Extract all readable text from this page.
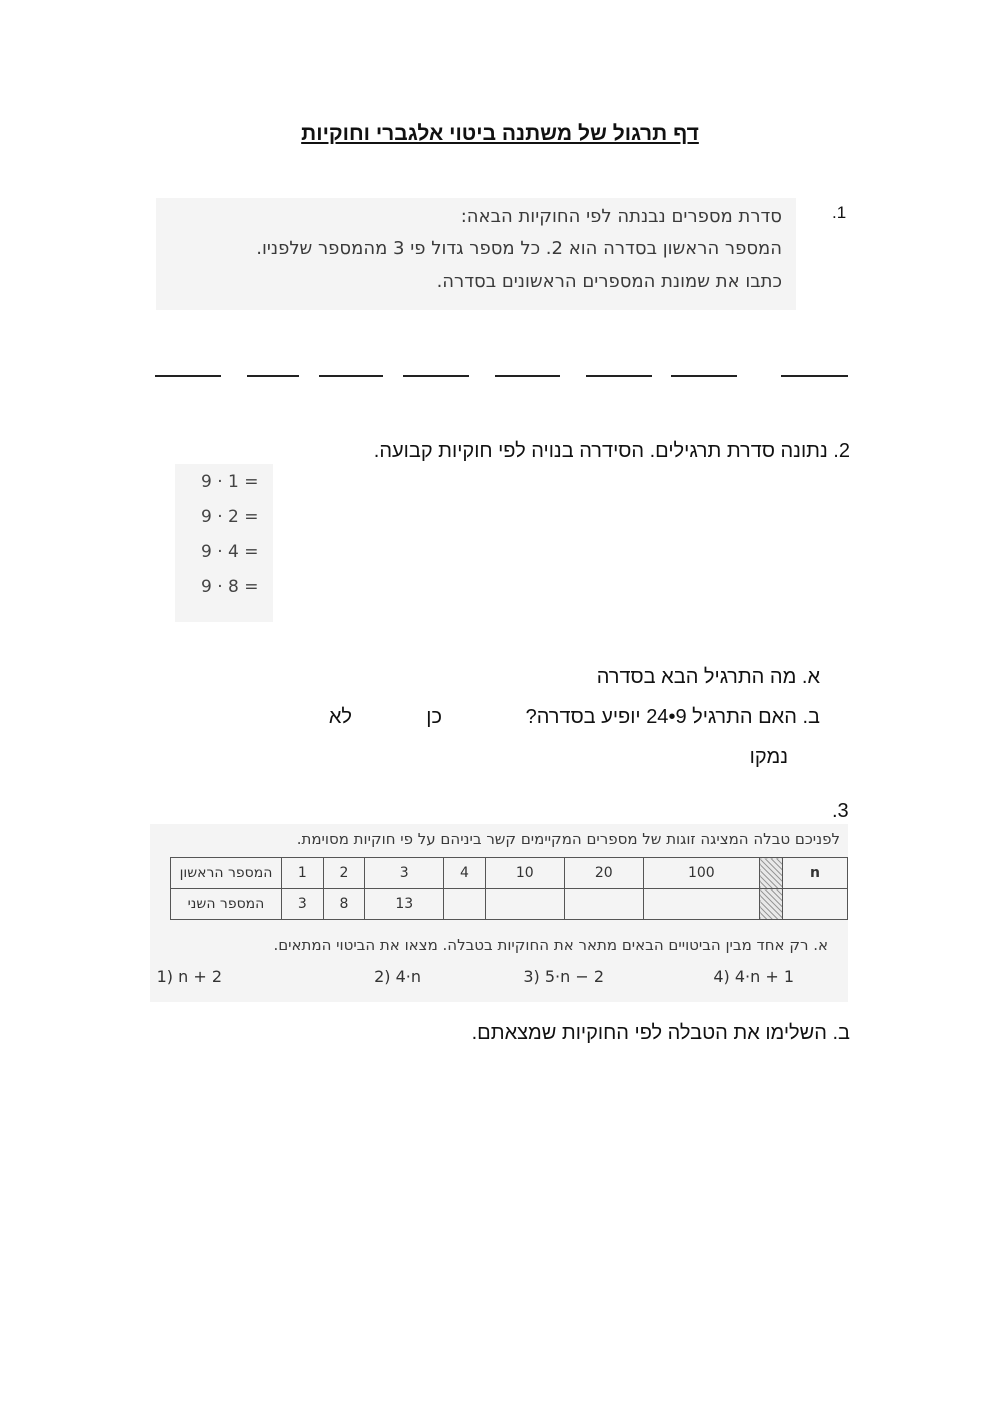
דף תרגול של משתנה ביטוי אלגברי וחוקיות
.1
סדרת מספרים נבנתה לפי החוקיות הבאה:
המספר הראשון בסדרה הוא 2. כל מספר גדול פי 3 מהמספר שלפניו.
כתבו את שמונת המספרים הראשונים בסדרה.
2. נתונה סדרת תרגילים. הסידרה בנויה לפי חוקיות קבועה.
9 · 1 =
9 · 2 =
9 · 4 =
9 · 8 =
א. מה התרגיל הבא בסדרה
ב. האם התרגיל 9•24 יופיע בסדרה?
כן
לא
נמקו
.3
לפניכם טבלה המציגה זוגות של מספרים המקיימים קשר ביניהם על פי חוקיות מסוימת.
n		100	20	10	4	3	2	1	המספר הראשון
						13	8	3	המספר השני
א. רק אחד מבין הביטויים הבאים מתאר את החוקיות בטבלה. מצאו את הביטוי המתאים.
1) n + 2	2) 4·n	3) 5·n − 2	4) 4·n + 1
ב. השלימו את הטבלה לפי החוקיות שמצאתם.
